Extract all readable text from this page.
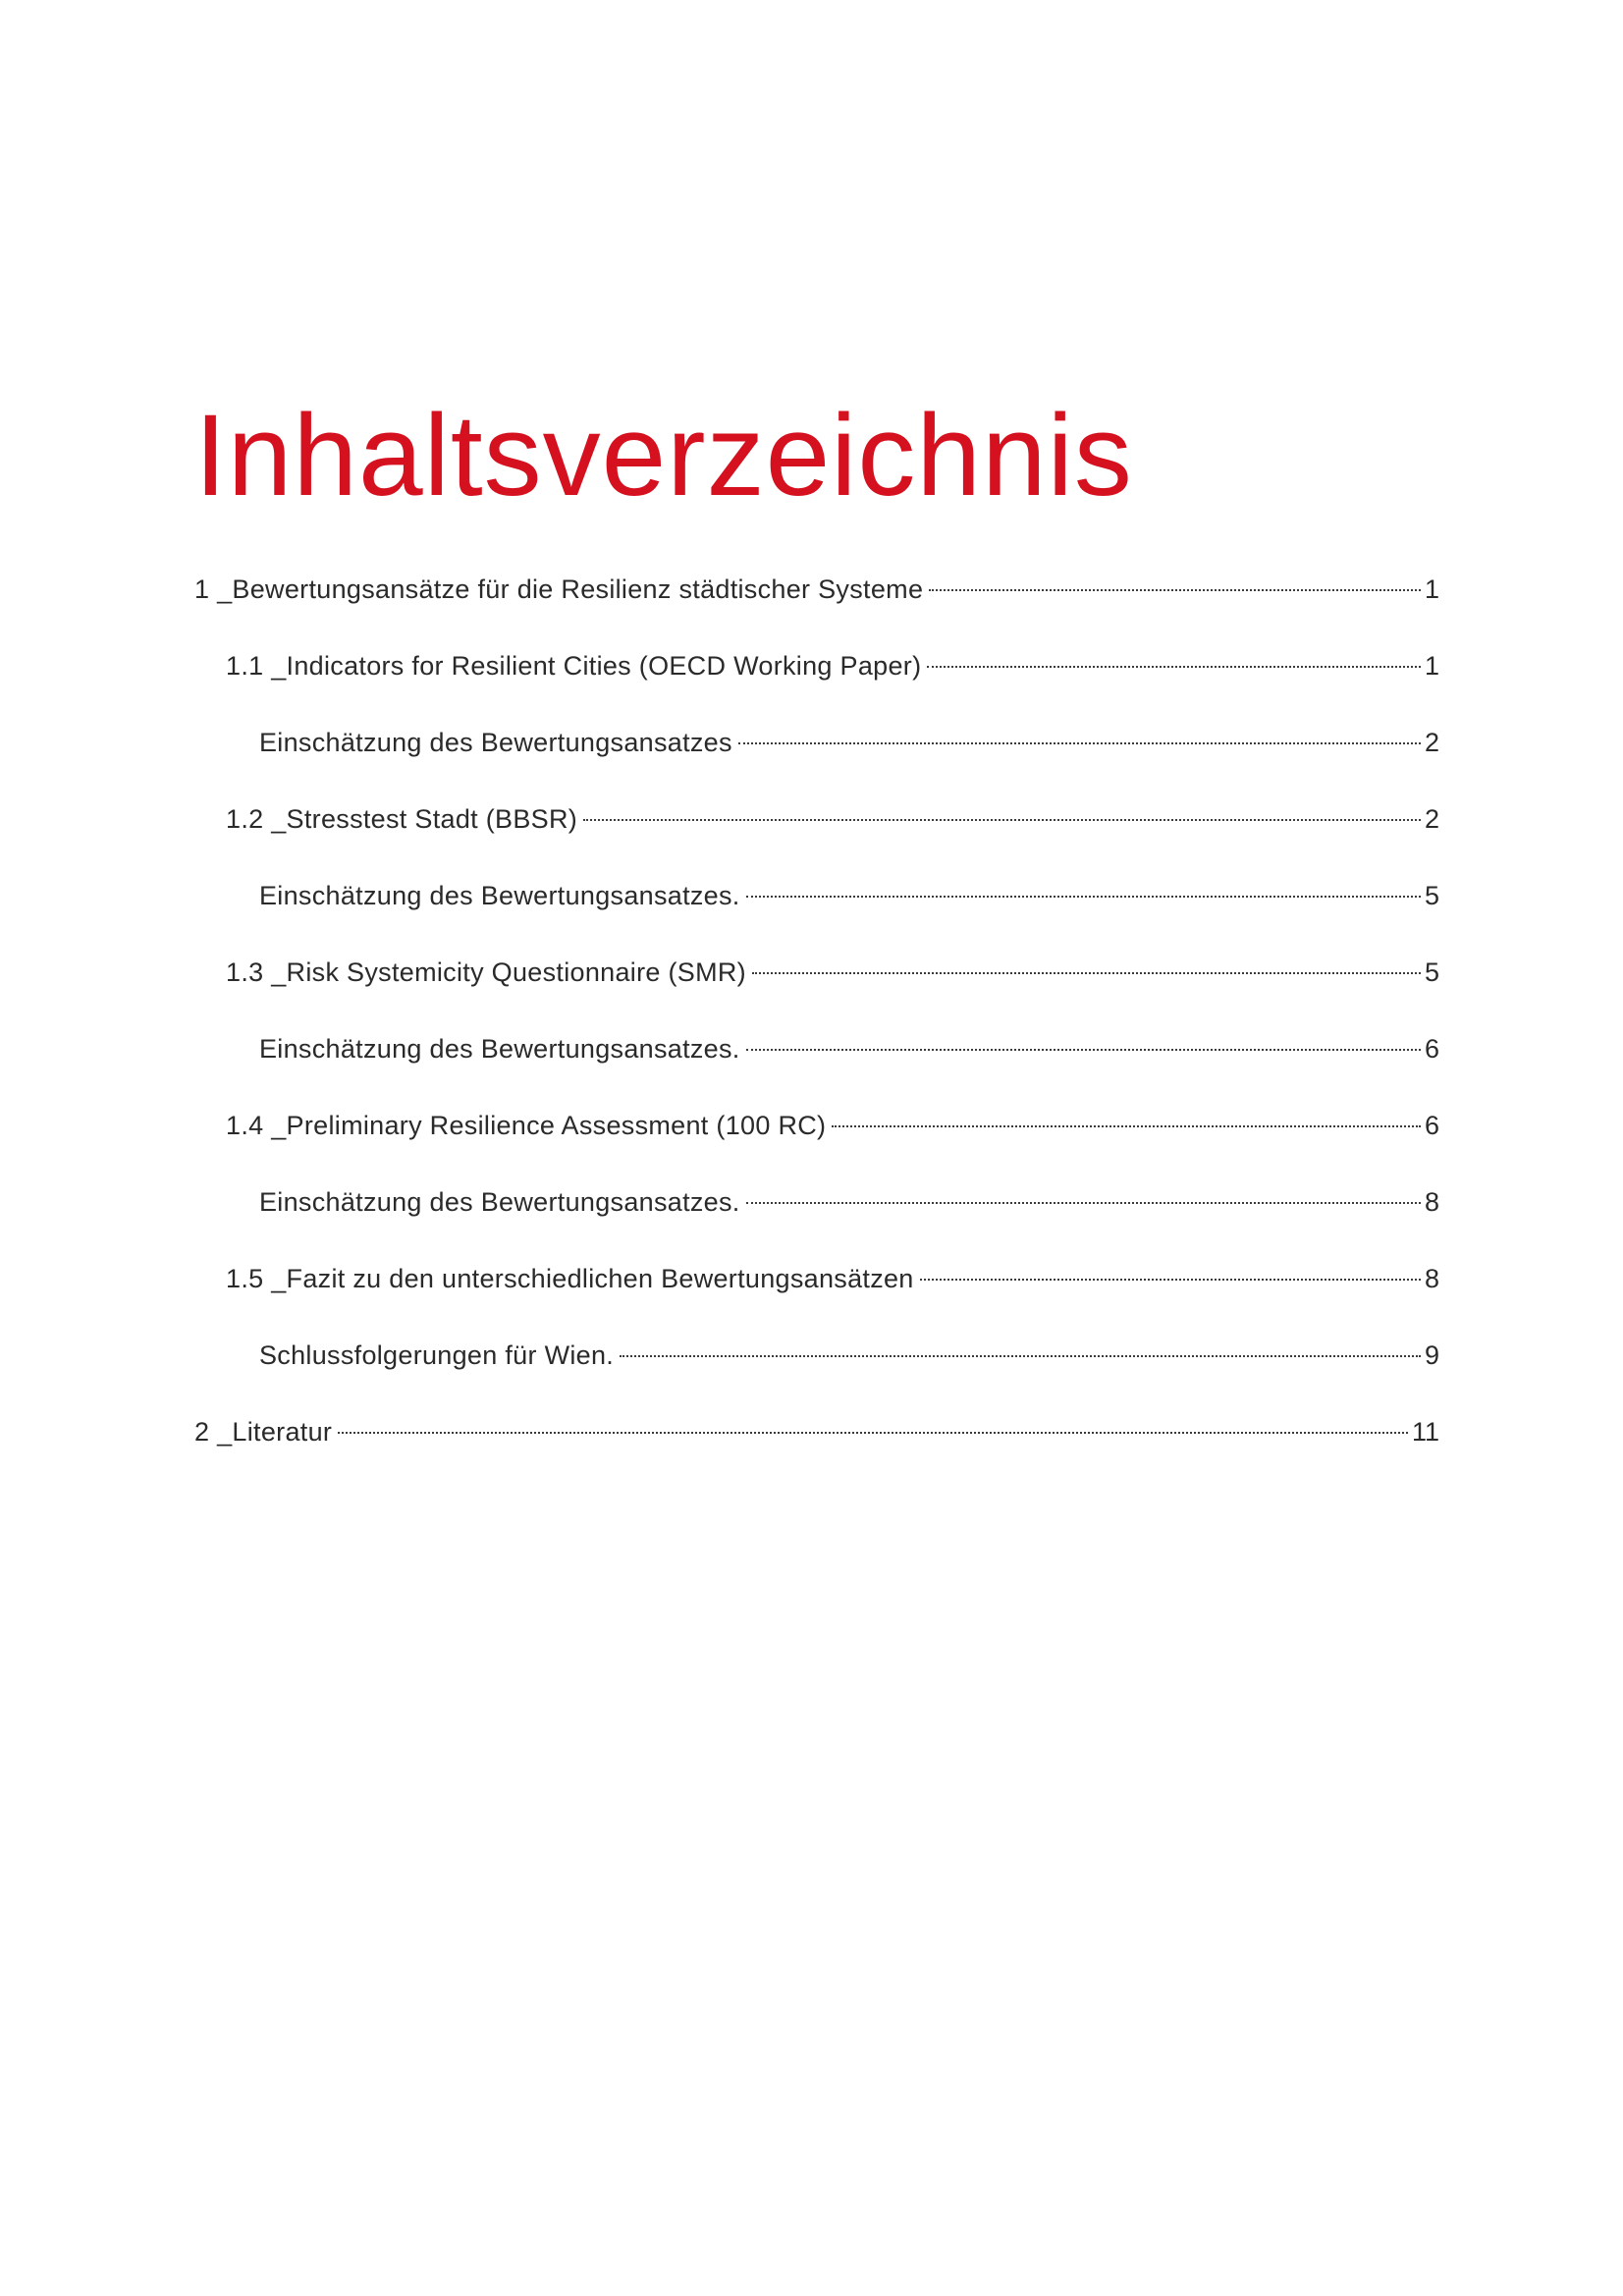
Inhaltsverzeichnis
1 _Bewertungsansätze für die Resilienz städtischer Systeme	1
1.1 _Indicators for Resilient Cities (OECD Working Paper)	1
Einschätzung des Bewertungsansatzes	2
1.2 _Stresstest Stadt (BBSR)	2
Einschätzung des Bewertungsansatzes.	5
1.3 _Risk Systemicity Questionnaire (SMR)	5
Einschätzung des Bewertungsansatzes.	6
1.4 _Preliminary Resilience Assessment (100 RC)	6
Einschätzung des Bewertungsansatzes.	8
1.5 _Fazit zu den unterschiedlichen Bewertungsansätzen	8
Schlussfolgerungen für Wien.	9
2 _Literatur	11
